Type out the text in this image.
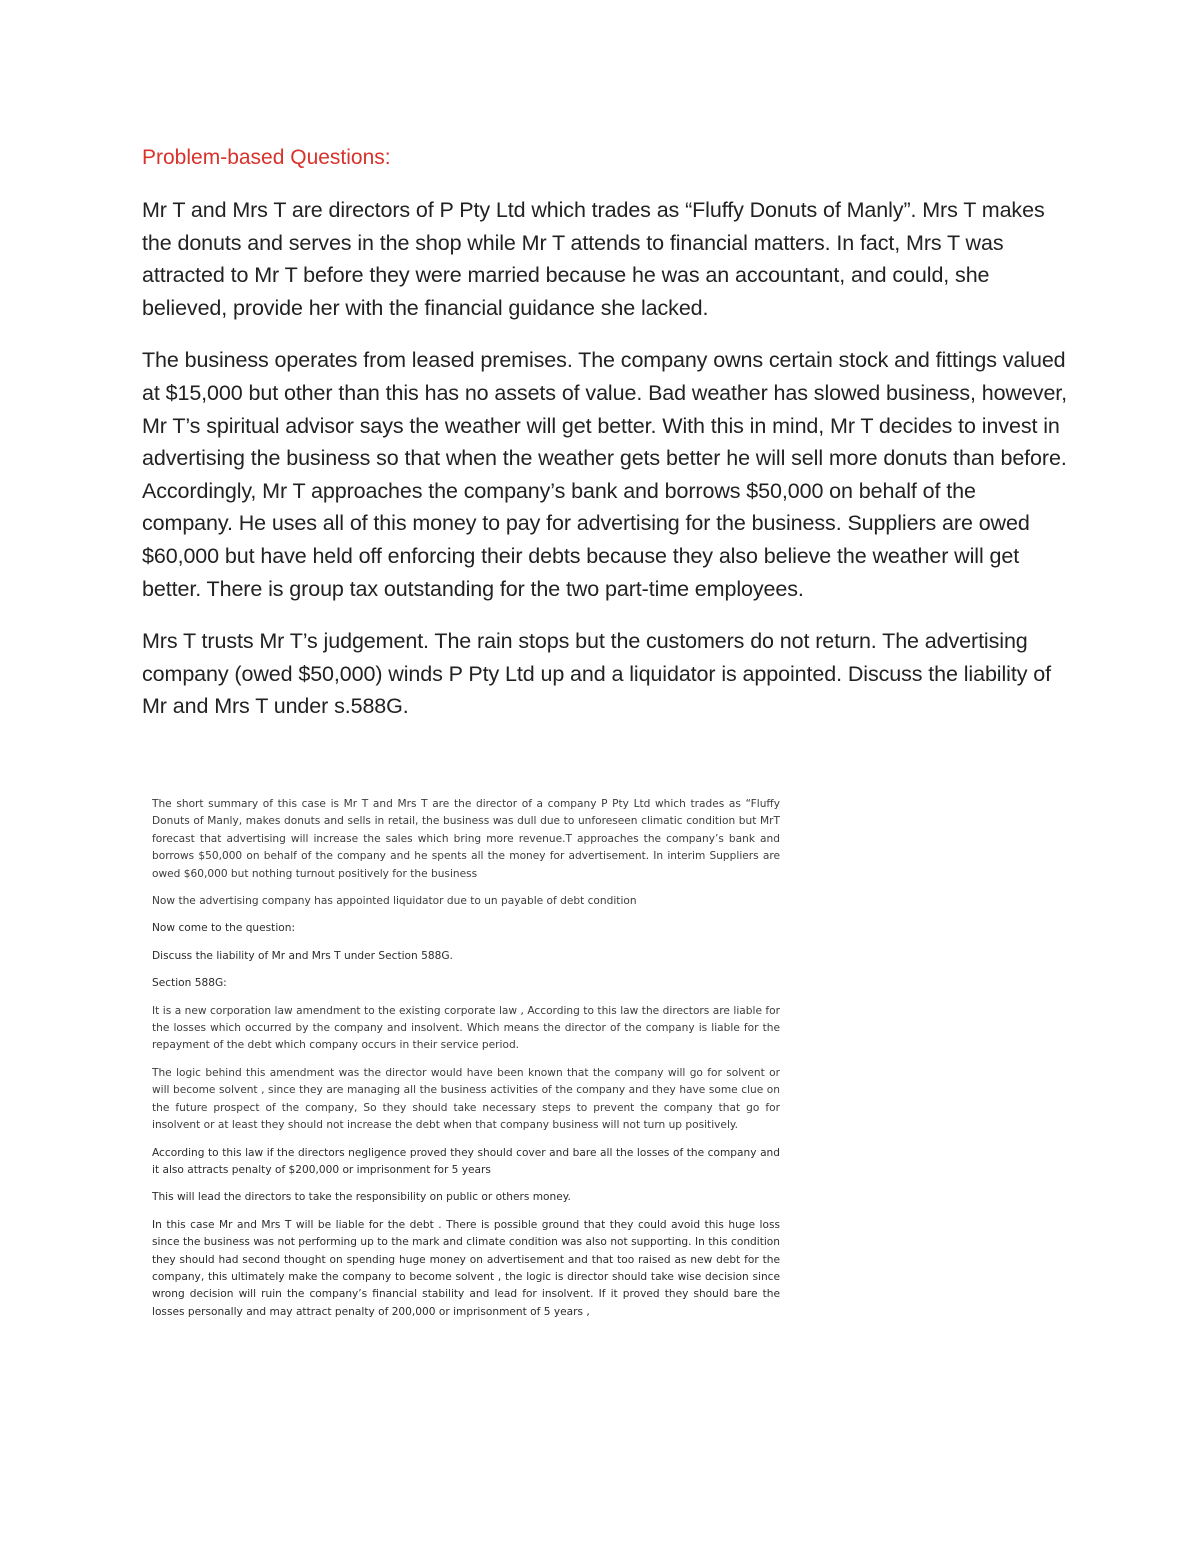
Problem-based Questions:

Mr T and Mrs T are directors of P Pty Ltd which trades as “Fluffy Donuts of Manly”. Mrs T makes the donuts and serves in the shop while Mr T attends to financial matters. In fact, Mrs T was attracted to Mr T before they were married because he was an accountant, and could, she believed, provide her with the financial guidance she lacked.

The business operates from leased premises. The company owns certain stock and fittings valued at $15,000 but other than this has no assets of value. Bad weather has slowed business, however, Mr T’s spiritual advisor says the weather will get better. With this in mind, Mr T decides to invest in advertising the business so that when the weather gets better he will sell more donuts than before. Accordingly, Mr T approaches the company’s bank and borrows $50,000 on behalf of the company. He uses all of this money to pay for advertising for the business. Suppliers are owed $60,000 but have held off enforcing their debts because they also believe the weather will get better. There is group tax outstanding for the two part-time employees.

Mrs T trusts Mr T’s judgement. The rain stops but the customers do not return. The advertising company (owed $50,000) winds P Pty Ltd up and a liquidator is appointed. Discuss the liability of Mr and Mrs T under s.588G.

The short summary of this case is Mr T and Mrs T are the director of a company P Pty Ltd which trades as “Fluffy Donuts of Manly, makes donuts and sells in retail, the business was dull due to unforeseen climatic condition but MrT forecast that advertising will increase the sales which bring more revenue.T approaches the company’s bank and borrows $50,000 on behalf of the company and he spents all the money for advertisement. In interim Suppliers are owed $60,000 but nothing turnout positively for the business

Now the advertising company has appointed liquidator due to un payable of debt condition

Now come to the question:

Discuss the liability of Mr and Mrs T under Section 588G.

Section 588G:

It is a new corporation law amendment to the existing corporate law , According to this law the directors are liable for the losses which occurred by the company and insolvent. Which means the director of the company is liable for the repayment of the debt which company occurs in their service period.

The logic behind this amendment was the director would have been known that the company will go for solvent or will become solvent , since they are managing all the business activities of the company and they have some clue on the future prospect of the company, So they should take necessary steps to prevent the company that go for insolvent or at least they should not increase the debt when that company business will not turn up positively.

According to this law if the directors negligence proved they should cover and bare all the losses of the company and it also attracts penalty of $200,000 or imprisonment for 5 years

This will lead the directors to take the responsibility on public or others money.

In this case Mr and Mrs T will be liable for the debt . There is possible ground that they could avoid this huge loss since the business was not performing up to the mark and climate condition was also not supporting. In this condition they should had second thought on spending huge money on advertisement and that too raised as new debt for the company, this ultimately make the company to become solvent , the logic is director should take wise decision since wrong decision will ruin the company’s financial stability and lead for insolvent. If it proved they should bare the losses personally and may attract penalty of 200,000 or imprisonment of 5 years ,
